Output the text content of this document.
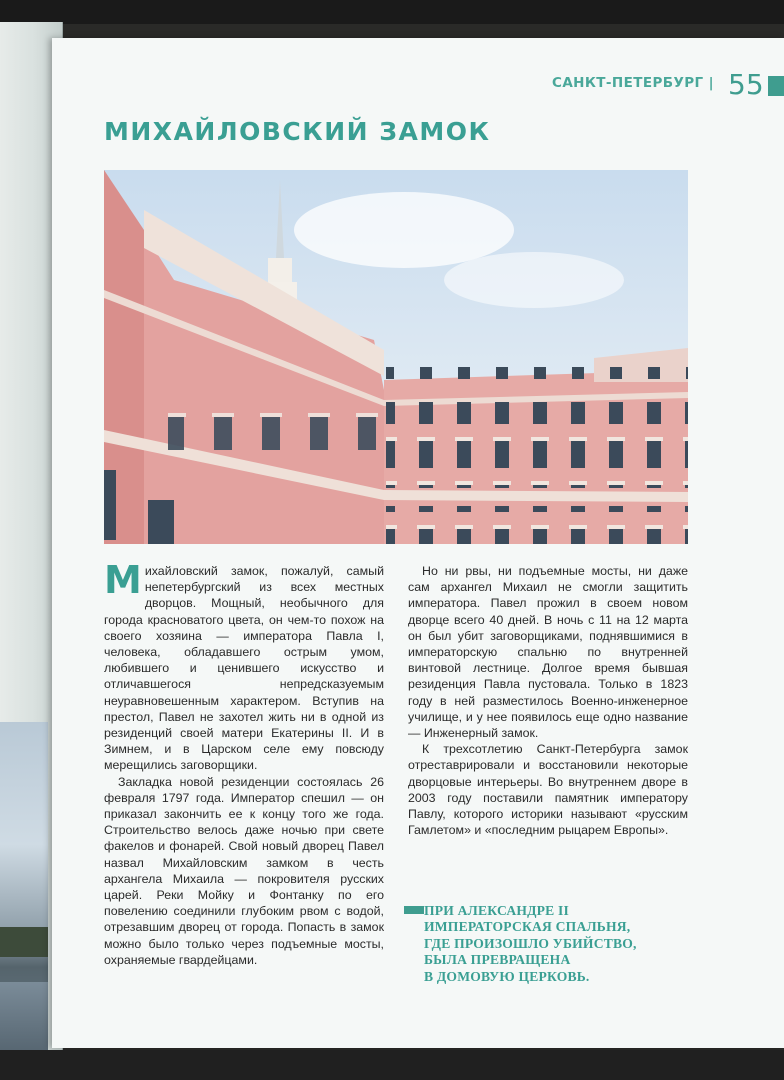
САНКТ-ПЕТЕРБУРГ | 55
МИХАЙЛОВСКИЙ ЗАМОК

Михайловский замок, пожалуй, самый непетербургский из всех местных дворцов. Мощный, необычного для города красноватого цвета, он чем-то похож на своего хозяина — императора Павла I, человека, обладавшего острым умом, любившего и ценившего искусство и отличавшегося непредсказуемым неуравновешенным характером. Вступив на престол, Павел не захотел жить ни в одной из резиденций своей матери Екатерины II. И в Зимнем, и в Царском селе ему повсюду мерещились заговорщики.

Закладка новой резиденции состоялась 26 февраля 1797 года. Император спешил — он приказал закончить ее к концу того же года. Строительство велось даже ночью при свете факелов и фонарей. Свой новый дворец Павел назвал Михайловским замком в честь архангела Михаила — покровителя русских царей. Реки Мойку и Фонтанку по его повелению соединили глубоким рвом с водой, отрезавшим дворец от города. Попасть в замок можно было только через подъемные мосты, охраняемые гвардейцами.

Но ни рвы, ни подъемные мосты, ни даже сам архангел Михаил не смогли защитить императора. Павел прожил в своем новом дворце всего 40 дней. В ночь с 11 на 12 марта он был убит заговорщиками, поднявшимися в императорскую спальню по внутренней винтовой лестнице. Долгое время бывшая резиденция Павла пустовала. Только в 1823 году в ней разместилось Военно-инженерное училище, и у нее появилось еще одно название — Инженерный замок.

К трехсотлетию Санкт-Петербурга замок отреставрировали и восстановили некоторые дворцовые интерьеры. Во внутреннем дворе в 2003 году поставили памятник императору Павлу, которого историки называют «русским Гамлетом» и «последним рыцарем Европы».

ПРИ АЛЕКСАНДРЕ II
ИМПЕРАТОРСКАЯ СПАЛЬНЯ,
ГДЕ ПРОИЗОШЛО УБИЙСТВО,
БЫЛА ПРЕВРАЩЕНА
В ДОМОВУЮ ЦЕРКОВЬ.
